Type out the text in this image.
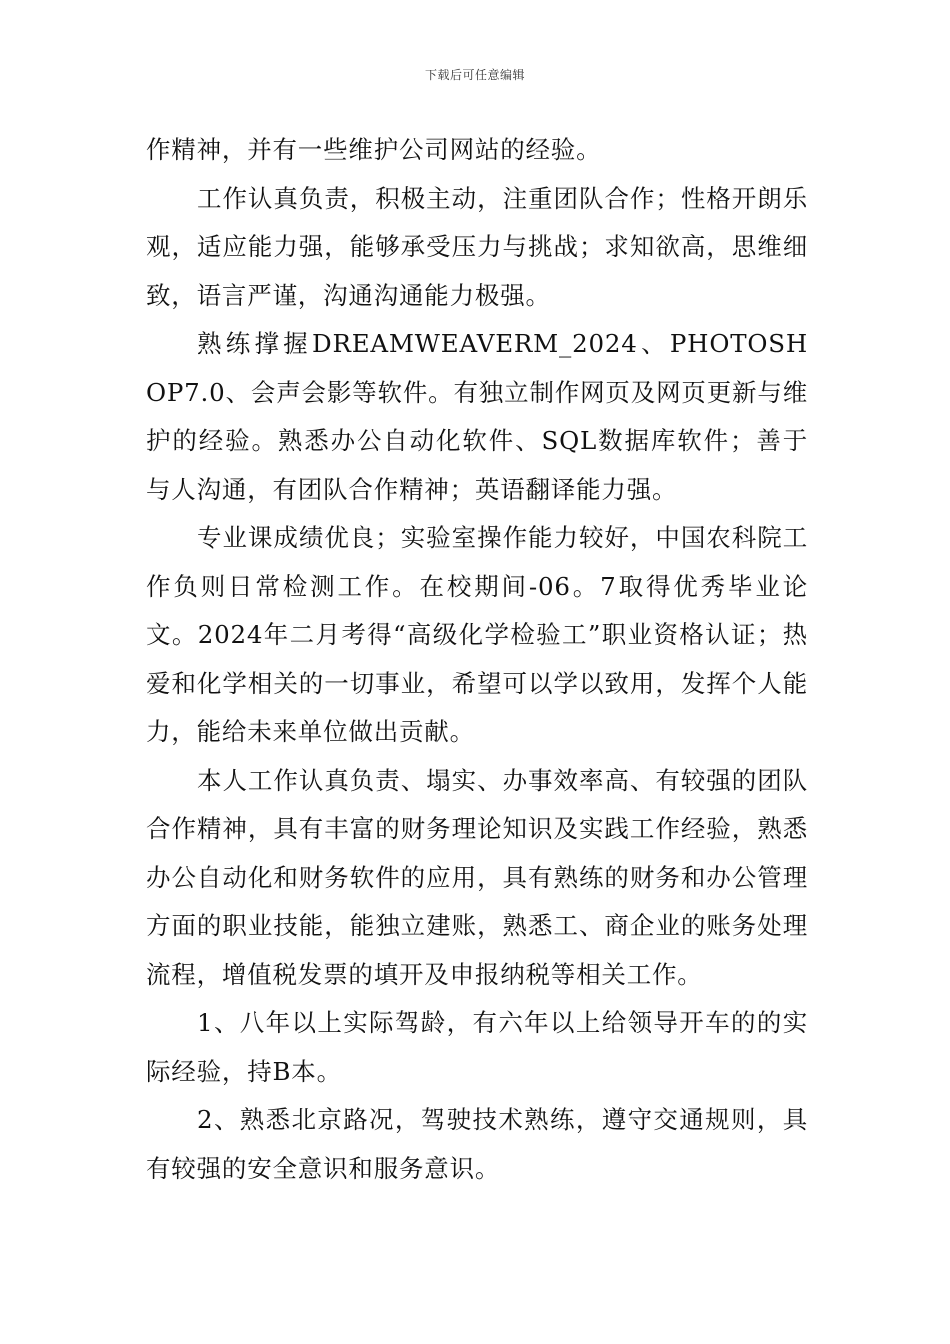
下载后可任意编辑

作精神，并有一些维护公司网站的经验。

工作认真负责，积极主动，注重团队合作；性格开朗乐观，适应能力强，能够承受压力与挑战；求知欲高，思维细致，语言严谨，沟通沟通能力极强。

熟练撑握DREAMWEAVERM_2024、PHOTOSHOP7.0、会声会影等软件。有独立制作网页及网页更新与维护的经验。熟悉办公自动化软件、SQL数据库软件；善于与人沟通，有团队合作精神；英语翻译能力强。

专业课成绩优良；实验室操作能力较好，中国农科院工作负则日常检测工作。在校期间-06。7取得优秀毕业论文。2024年二月考得“高级化学检验工”职业资格认证；热爱和化学相关的一切事业，希望可以学以致用，发挥个人能力，能给未来单位做出贡献。

本人工作认真负责、塌实、办事效率高、有较强的团队合作精神，具有丰富的财务理论知识及实践工作经验，熟悉办公自动化和财务软件的应用，具有熟练的财务和办公管理方面的职业技能，能独立建账，熟悉工、商企业的账务处理流程，增值税发票的填开及申报纳税等相关工作。

1、八年以上实际驾龄，有六年以上给领导开车的的实际经验，持B本。

2、熟悉北京路况，驾驶技术熟练，遵守交通规则，具有较强的安全意识和服务意识。
